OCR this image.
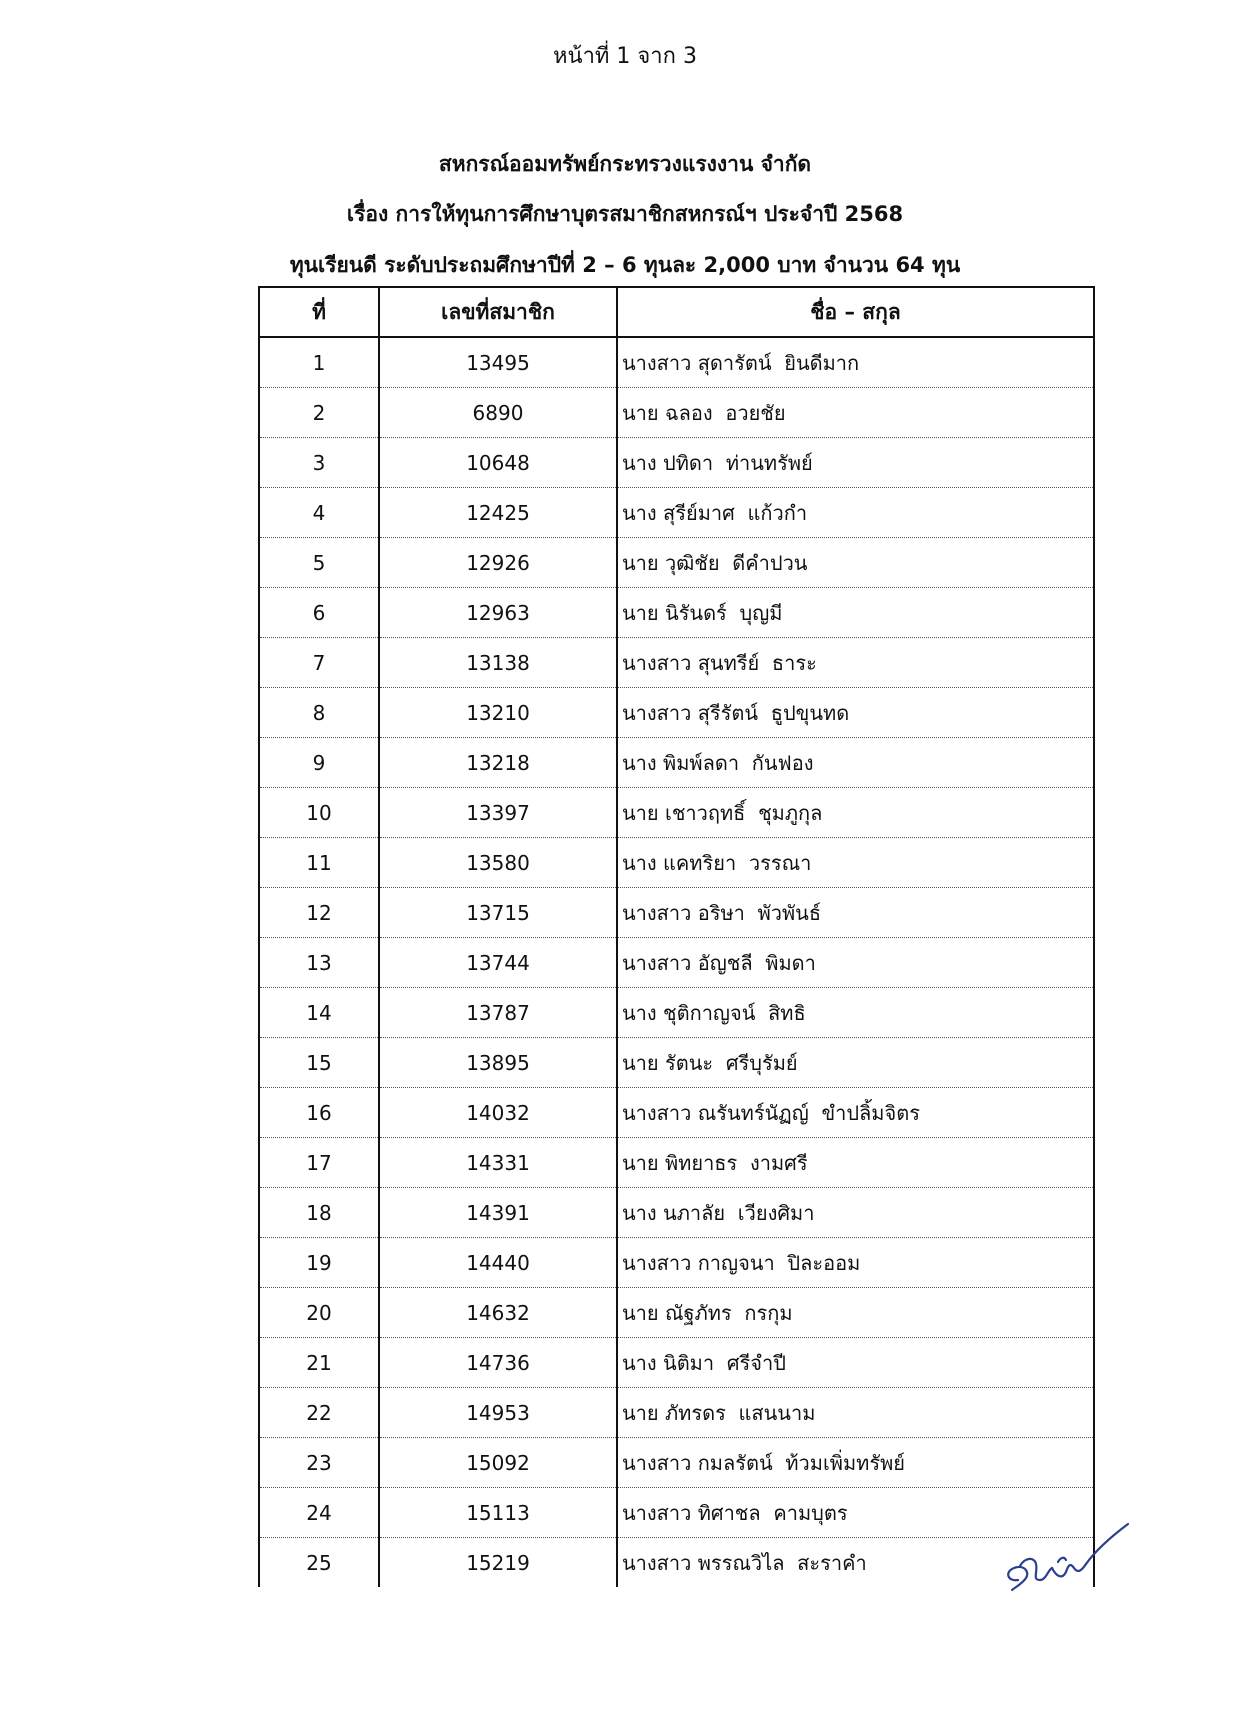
หน้าที่ 1 จาก 3
สหกรณ์ออมทรัพย์กระทรวงแรงงาน จำกัด
เรื่อง การให้ทุนการศึกษาบุตรสมาชิกสหกรณ์ฯ ประจำปี 2568
ทุนเรียนดี ระดับประถมศึกษาปีที่ 2 – 6 ทุนละ 2,000 บาท จำนวน 64 ทุน
ที่	เลขที่สมาชิก	ชื่อ – สกุล
1	13495	นางสาว สุดารัตน์  ยินดีมาก
2	6890	นาย ฉลอง  อวยชัย
3	10648	นาง ปทิดา  ท่านทรัพย์
4	12425	นาง สุรีย์มาศ  แก้วกำ
5	12926	นาย วุฒิชัย  ดีคำปวน
6	12963	นาย นิรันดร์  บุญมี
7	13138	นางสาว สุนทรีย์  ธาระ
8	13210	นางสาว สุรีรัตน์  ธูปขุนทด
9	13218	นาง พิมพ์ลดา  กันฟอง
10	13397	นาย เชาวฤทธิ์  ชุมภูกุล
11	13580	นาง แคทริยา  วรรณา
12	13715	นางสาว อริษา  พัวพันธ์
13	13744	นางสาว อัญชลี  พิมดา
14	13787	นาง ชุติกาญจน์  สิทธิ
15	13895	นาย รัตนะ  ศรีบุรัมย์
16	14032	นางสาว ณรันทร์นัฏญ์  ขำปลิ้มจิตร
17	14331	นาย พิทยาธร  งามศรี
18	14391	นาง นภาลัย  เวียงศิมา
19	14440	นางสาว กาญจนา  ปิละออม
20	14632	นาย ณัฐภัทร  กรกุม
21	14736	นาง นิติมา  ศรีจำปี
22	14953	นาย ภัทรดร  แสนนาม
23	15092	นางสาว กมลรัตน์  ท้วมเพิ่มทรัพย์
24	15113	นางสาว ทิศาชล  คามบุตร
25	15219	นางสาว พรรณวิไล  สะราคำ
